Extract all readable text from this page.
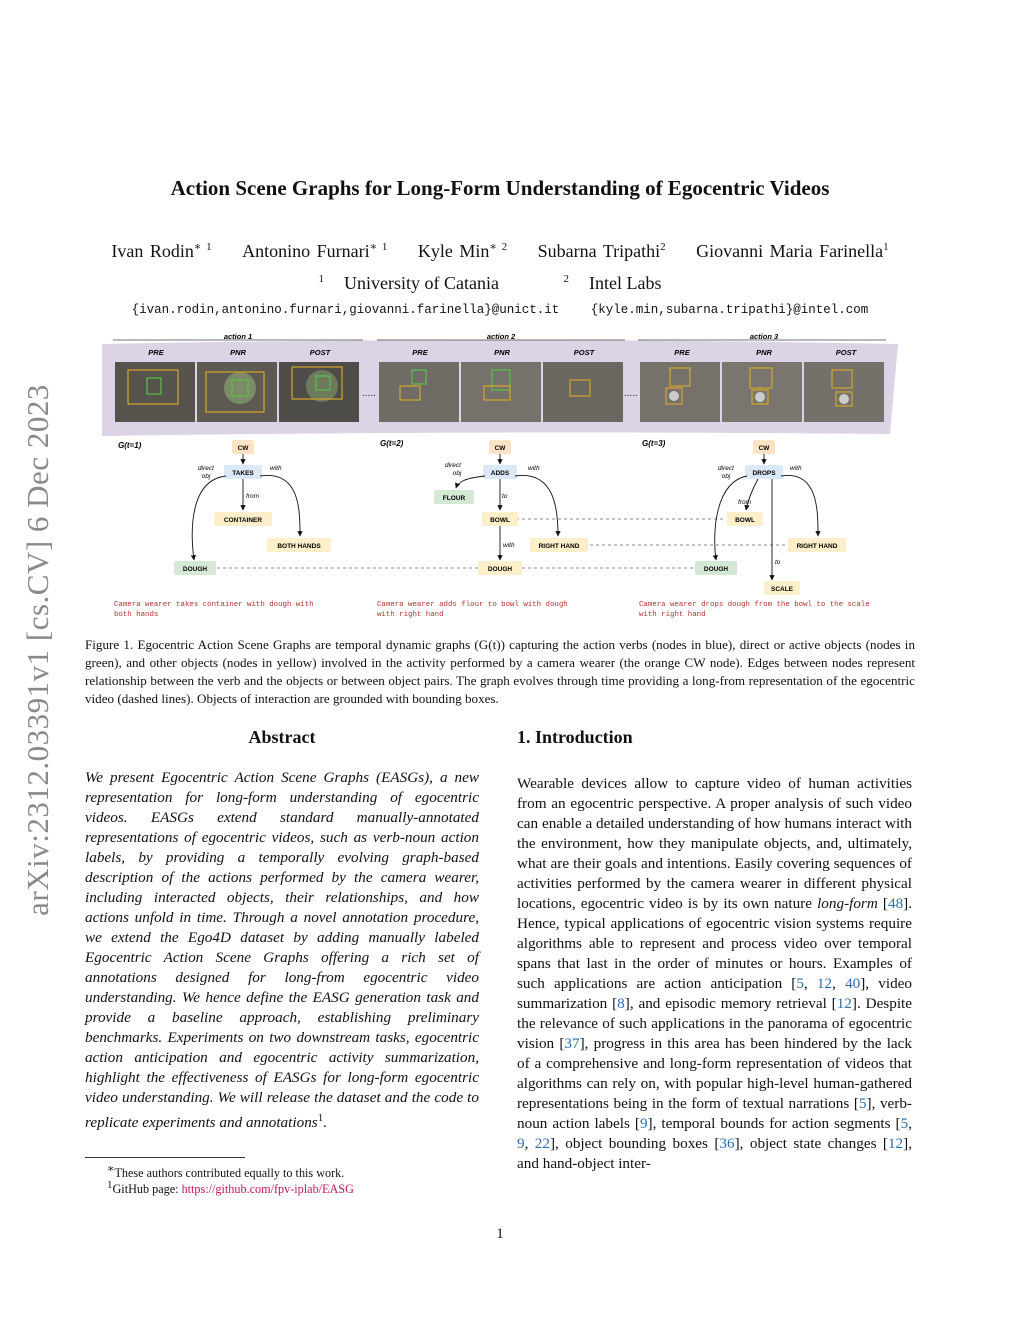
arXiv:2312.03391v1 [cs.CV] 6 Dec 2023
Action Scene Graphs for Long-Form Understanding of Egocentric Videos
Ivan Rodin$^{∗ 1}$ Antonino Furnari$^{∗ 1}$ Kyle Min$^{∗ 2}$ Subarna Tripathi$^2$ Giovanni Maria Farinella$^1$
$^1$ University of Catania	$^2$ Intel Labs
{ivan.rodin,antonino.furnari,giovanni.farinella}@unict.it	{kyle.min,subarna.tripathi}@intel.com
action 1
PRE	PNR	POST
action 2
PRE	PNR	POST
action 3
PRE	PNR	POST
.....	.....
G(t=1)	CW
TAKES
direct
obj
with
from
CONTAINER
BOTH HANDS
DOUGH
Camera wearer takes container with dough with
both hands
G(t=2)
CW
ADDS
direct
obj
with
to
with
FLOUR
BOWL
RIGHT HAND
DOUGH
Camera wearer adds flour to bowl with dough
with right hand
G(t=3)
CW
DROPS
direct
obj
with
from
to
BOWL
RIGHT HAND
DOUGH
SCALE
Camera wearer drops dough from the bowl to the scale
with right hand
Figure 1. Egocentric Action Scene Graphs are temporal dynamic graphs (G(t)) capturing the action verbs (nodes in blue), direct or active objects (nodes in green), and other objects (nodes in yellow) involved in the activity performed by a camera wearer (the orange CW node). Edges between nodes represent relationship between the verb and the objects or between object pairs. The graph evolves through time providing a long-from representation of the egocentric video (dashed lines). Objects of interaction are grounded with bounding boxes.
Abstract	1. Introduction
We present Egocentric Action Scene Graphs (EASGs), a new representation for long-form understanding of egocentric videos. EASGs extend standard manually-annotated representations of egocentric videos, such as verb-noun action labels, by providing a temporally evolving graph-based description of the actions performed by the camera wearer, including interacted objects, their relationships, and how actions unfold in time. Through a novel annotation procedure, we extend the Ego4D dataset by adding manually labeled Egocentric Action Scene Graphs offering a rich set of annotations designed for long-from egocentric video understanding. We hence define the EASG generation task and provide a baseline approach, establishing preliminary benchmarks. Experiments on two downstream tasks, egocentric action anticipation and egocentric activity summarization, highlight the effectiveness of EASGs for long-form egocentric video understanding. We will release the dataset and the code to replicate experiments and annotations$^1$.
Wearable devices allow to capture video of human activities from an egocentric perspective. A proper analysis of such video can enable a detailed understanding of how humans interact with the environment, how they manipulate objects, and, ultimately, what are their goals and intentions. Easily covering sequences of activities performed by the camera wearer in different physical locations, egocentric video is by its own nature long-form [48]. Hence, typical applications of egocentric vision systems require algorithms able to represent and process video over temporal spans that last in the order of minutes or hours. Examples of such applications are action anticipation [5, 12, 40], video summarization [8], and episodic memory retrieval [12]. Despite the relevance of such applications in the panorama of egocentric vision [37], progress in this area has been hindered by the lack of a comprehensive and long-form representation of videos that algorithms can rely on, with popular high-level human-gathered representations being in the form of textual narrations [5], verb-noun action labels [9], temporal bounds for action segments [5, 9, 22], object bounding boxes [36], object state changes [12], and hand-object inter-
∗These authors contributed equally to this work.
$^1$GitHub page: https://github.com/fpv-iplab/EASG
1
